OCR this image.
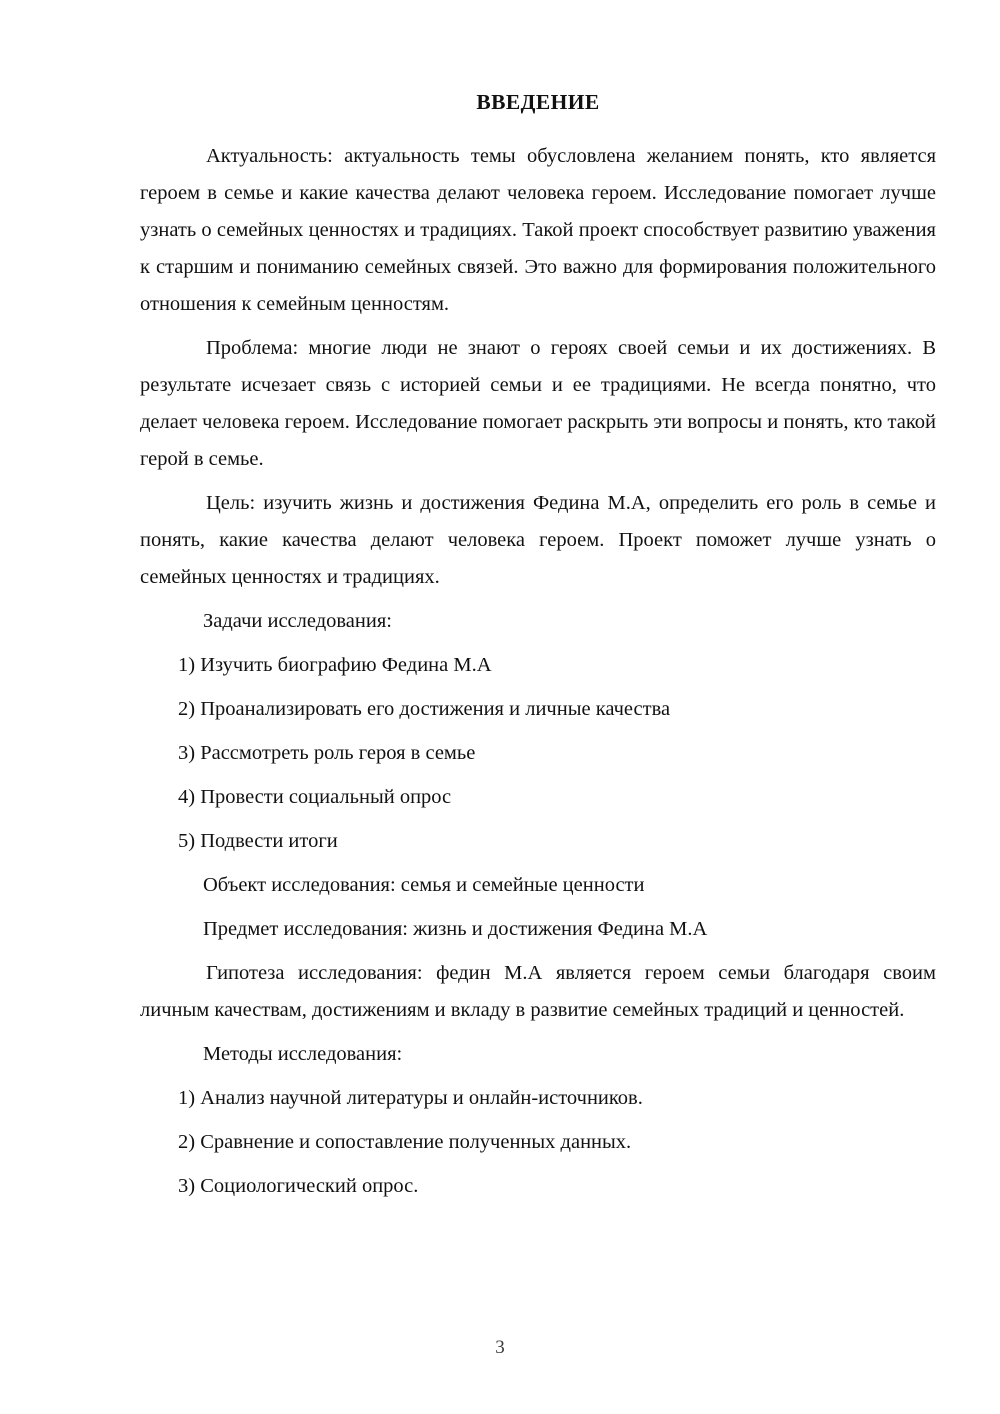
ВВЕДЕНИЕ

Актуальность: актуальность темы обусловлена желанием понять, кто является героем в семье и какие качества делают человека героем. Исследование помогает лучше узнать о семейных ценностях и традициях. Такой проект способствует развитию уважения к старшим и пониманию семейных связей. Это важно для формирования положительного отношения к семейным ценностям.

Проблема: многие люди не знают о героях своей семьи и их достижениях. В результате исчезает связь с историей семьи и ее традициями. Не всегда понятно, что делает человека героем. Исследование помогает раскрыть эти вопросы и понять, кто такой герой в семье.

Цель: изучить жизнь и достижения Федина М.А, определить его роль в семье и понять, какие качества делают человека героем. Проект поможет лучше узнать о семейных ценностях и традициях.

Задачи исследования:

1) Изучить биографию Федина М.А

2) Проанализировать его достижения и личные качества

3) Рассмотреть роль героя в семье

4) Провести социальный опрос

5) Подвести итоги

Объект исследования: семья и семейные ценности

Предмет исследования: жизнь и достижения Федина М.А

Гипотеза исследования: федин М.А является героем семьи благодаря своим личным качествам, достижениям и вкладу в развитие семейных традиций и ценностей.

Методы исследования:

1) Анализ научной литературы и онлайн-источников.

2) Сравнение и сопоставление полученных данных.

3) Социологический опрос.

3
